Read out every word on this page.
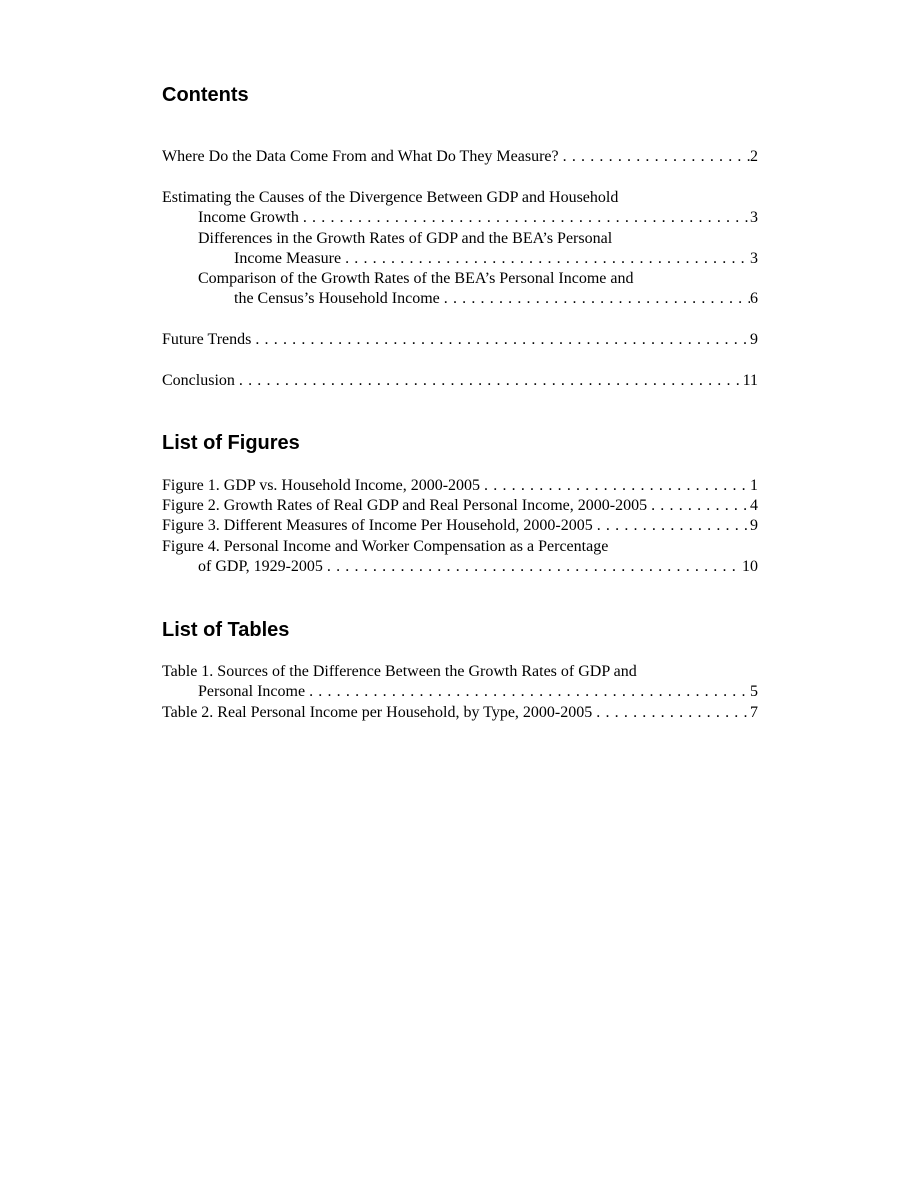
Contents
Where Do the Data Come From and What Do They Measure? . . .	2
Estimating the Causes of the Divergence Between GDP and Household
Income Growth . . .	3
Differences in the Growth Rates of GDP and the BEA’s Personal
Income Measure . . .	3
Comparison of the Growth Rates of the BEA’s Personal Income and
the Census’s Household Income . . .	6
Future Trends . . .	9
Conclusion . . .	11
List of Figures
Figure 1. GDP vs. Household Income, 2000-2005 . . .	1
Figure 2. Growth Rates of Real GDP and Real Personal Income, 2000-2005 . . .	4
Figure 3. Different Measures of Income Per Household, 2000-2005 . . .	9
Figure 4. Personal Income and Worker Compensation as a Percentage
of GDP, 1929-2005 . . .	10
List of Tables
Table 1. Sources of the Difference Between the Growth Rates of GDP and
Personal Income . . .	5
Table 2. Real Personal Income per Household, by Type, 2000-2005 . . .	7
